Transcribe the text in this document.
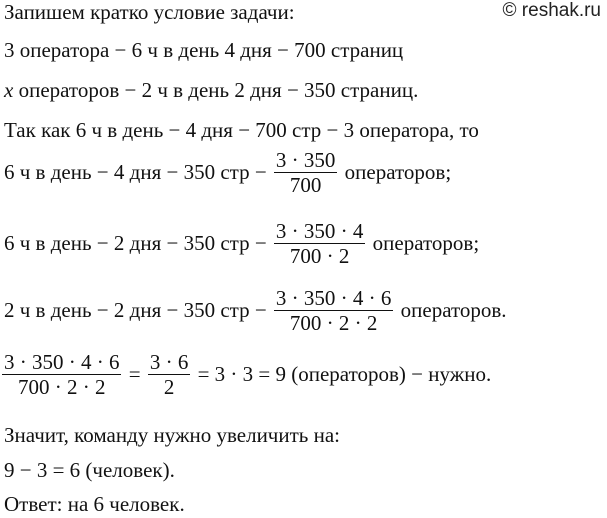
© reshak.ru
Запишем кратко условие задачи:
3 оператора − 6 ч в день 4 дня − 700 страниц
x операторов − 2 ч в день 2 дня − 350 страниц.
Так как 6 ч в день − 4 дня − 700 стр − 3 оператора, то
6 ч в день − 4 дня − 350 стр − $\frac{3 \cdot 350}{700}$ операторов;
6 ч в день − 2 дня − 350 стр − $\frac{3 \cdot 350 \cdot 4}{700 \cdot 2}$ операторов;
2 ч в день − 2 дня − 350 стр − $\frac{3 \cdot 350 \cdot 4 \cdot 6}{700 \cdot 2 \cdot 2}$ операторов.
$\frac{3 \cdot 350 \cdot 4 \cdot 6}{700 \cdot 2 \cdot 2} = \frac{3 \cdot 6}{2} = 3 \cdot 3 = 9$ (операторов) − нужно.
Значит, команду нужно увеличить на:
9 − 3 = 6 (человек).
Ответ: на 6 человек.
